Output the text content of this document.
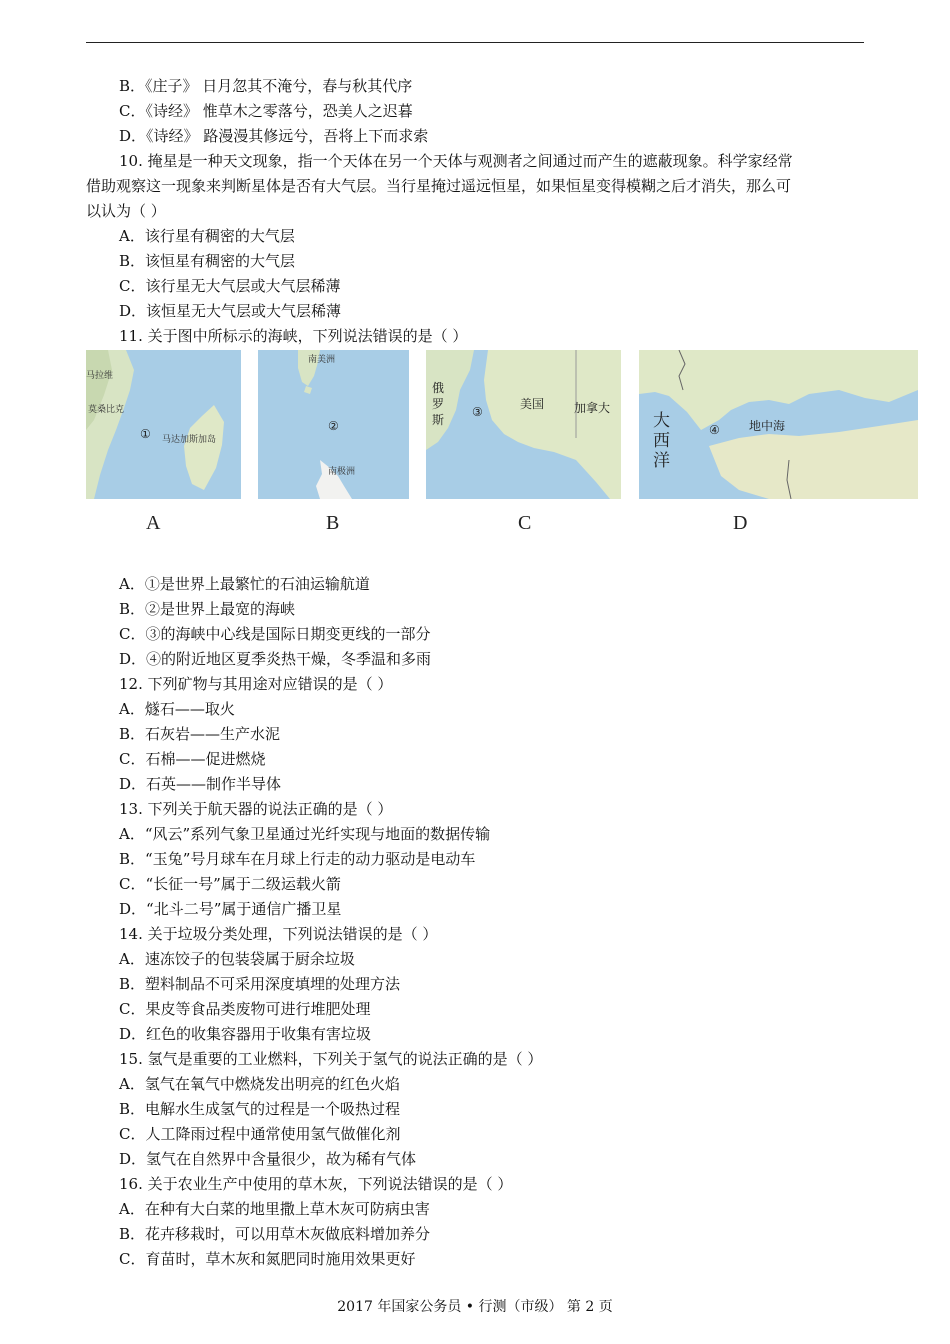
B．《庄子》 日月忽其不淹兮，春与秋其代序
C．《诗经》 惟草木之零落兮，恐美人之迟暮
D．《诗经》 路漫漫其修远兮，吾将上下而求索
10. 掩星是一种天文现象，指一个天体在另一个天体与观测者之间通过而产生的遮蔽现象。科学家经常
借助观察这一现象来判断星体是否有大气层。当行星掩过遥远恒星，如果恒星变得模糊之后才消失，那么可
以认为（ ）
A．该行星有稠密的大气层
B．该恒星有稠密的大气层
C．该行星无大气层或大气层稀薄
D．该恒星无大气层或大气层稀薄
11. 关于图中所标示的海峡，下列说法错误的是（ ）
马拉维
莫桑比克
① 马达加斯加岛
南美洲
②
南极洲
俄
罗
斯
③
美国 加拿大
大
西
洋
④ 地中海
A	B	C	D
A．①是世界上最繁忙的石油运输航道
B．②是世界上最宽的海峡
C．③的海峡中心线是国际日期变更线的一部分
D．④的附近地区夏季炎热干燥，冬季温和多雨
12. 下列矿物与其用途对应错误的是（ ）
A．燧石——取火
B．石灰岩——生产水泥
C．石棉——促进燃烧
D．石英——制作半导体
13. 下列关于航天器的说法正确的是（ ）
A．“风云”系列气象卫星通过光纤实现与地面的数据传输
B．“玉兔”号月球车在月球上行走的动力驱动是电动车
C．“长征一号”属于二级运载火箭
D．“北斗二号”属于通信广播卫星
14. 关于垃圾分类处理，下列说法错误的是（ ）
A．速冻饺子的包装袋属于厨余垃圾
B．塑料制品不可采用深度填埋的处理方法
C．果皮等食品类废物可进行堆肥处理
D．红色的收集容器用于收集有害垃圾
15. 氢气是重要的工业燃料，下列关于氢气的说法正确的是（ ）
A．氢气在氧气中燃烧发出明亮的红色火焰
B．电解水生成氢气的过程是一个吸热过程
C．人工降雨过程中通常使用氢气做催化剂
D．氢气在自然界中含量很少，故为稀有气体
16. 关于农业生产中使用的草木灰，下列说法错误的是（ ）
A．在种有大白菜的地里撒上草木灰可防病虫害
B．花卉移栽时，可以用草木灰做底料增加养分
C．育苗时，草木灰和氮肥同时施用效果更好
2017 年国家公务员 • 行测（市级） 第 2 页
